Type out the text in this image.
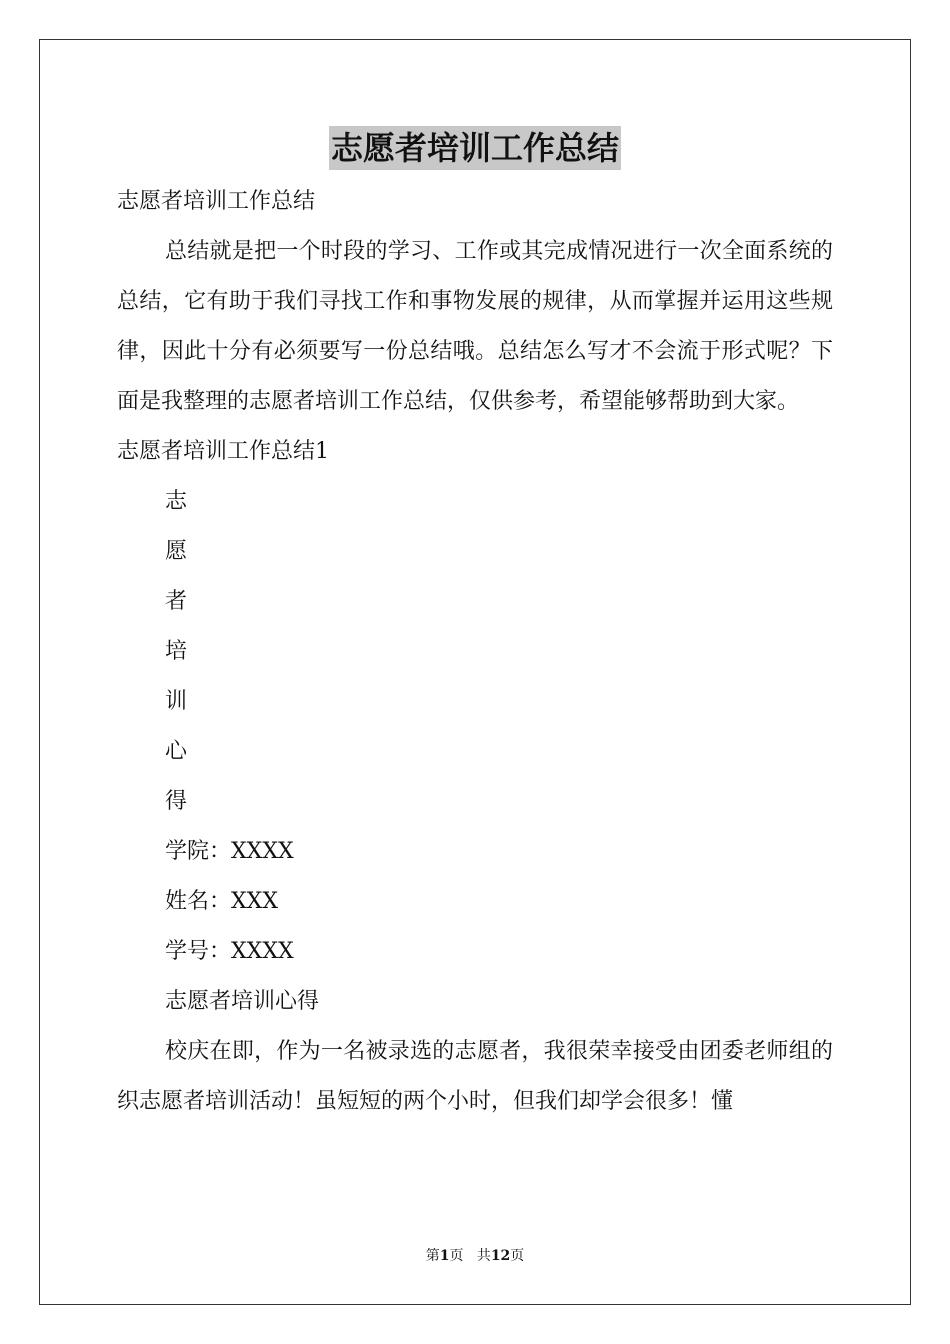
志愿者培训工作总结

志愿者培训工作总结

总结就是把一个时段的学习、工作或其完成情况进行一次全面系统的总结，它有助于我们寻找工作和事物发展的规律，从而掌握并运用这些规律，因此十分有必须要写一份总结哦。总结怎么写才不会流于形式呢？下面是我整理的志愿者培训工作总结，仅供参考，希望能够帮助到大家。

志愿者培训工作总结1

志

愿

者

培

训

心

得

学院：XXXX

姓名：XXX

学号：XXXX

志愿者培训心得

校庆在即，作为一名被录选的志愿者，我很荣幸接受由团委老师组的织志愿者培训活动！虽短短的两个小时，但我们却学会很多！懂

第1页 共12页
